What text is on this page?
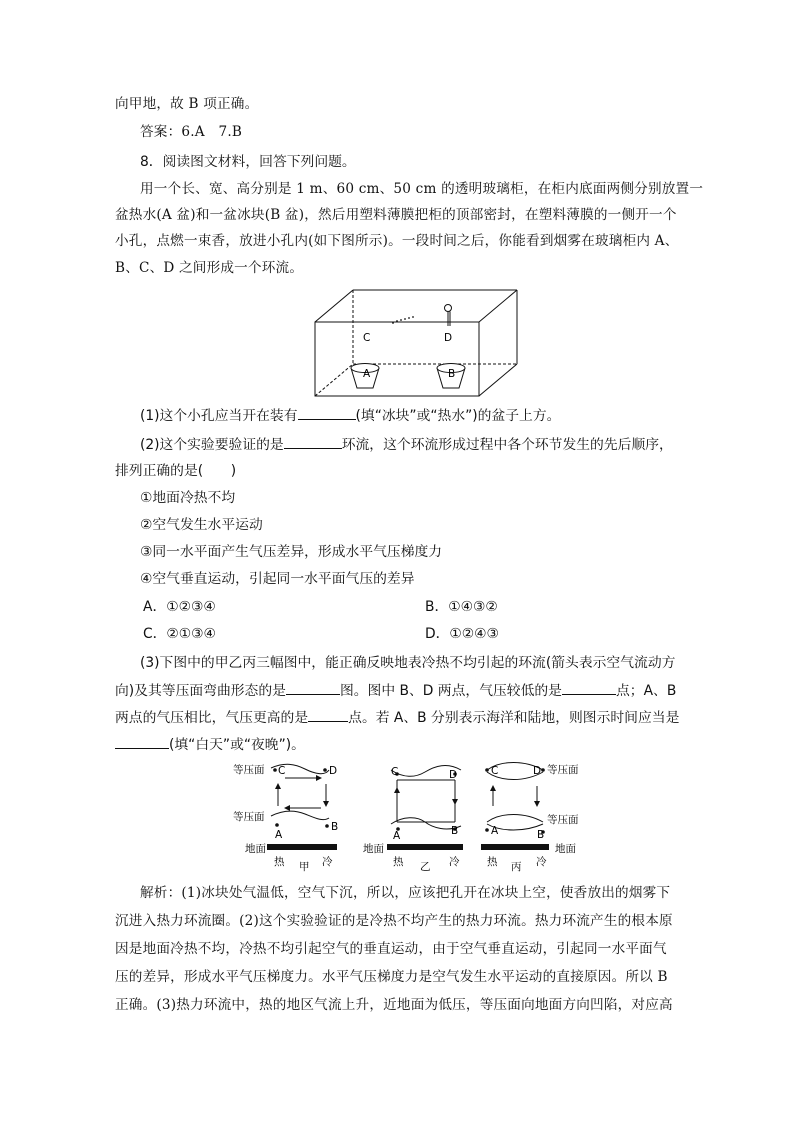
向甲地，故 B 项正确。
答案：6.A　7.B
8．阅读图文材料，回答下列问题。
用一个长、宽、高分别是 1 m、60 cm、50 cm 的透明玻璃柜，在柜内底面两侧分别放置一
盆热水(A 盆)和一盆冰块(B 盆)，然后用塑料薄膜把柜的顶部密封，在塑料薄膜的一侧开一个
小孔，点燃一束香，放进小孔内(如下图所示)。一段时间之后，你能看到烟雾在玻璃柜内 A、
B、C、D 之间形成一个环流。
A	B
C	D
(1)这个小孔应当开在装有	(填“冰块”或“热水”)的盆子上方。
(2)这个实验要验证的是	环流，这个环流形成过程中各个环节发生的先后顺序，
排列正确的是(　　)
①地面冷热不均
②空气发生水平运动
③同一水平面产生气压差异，形成水平气压梯度力
④空气垂直运动，引起同一水平面气压的差异
A．①②③④	B．①④③②
C．②①③④	D．①②④③
(3)下图中的甲乙丙三幅图中，能正确反映地表冷热不均引起的环流(箭头表示空气流动方
向)及其等压面弯曲形态的是	图。图中 B、D 两点，气压较低的是	点；A、B
两点的气压相比，气压更高的是	点。若 A、B 分别表示海洋和陆地，则图示时间应当是
(填“白天”或“夜晚”)。
等压面
等压面
地面
C	D
A
B
热 甲 冷
C	D
A	B
热 乙 冷
地面
C	D
A	B
等压面
等压面
地面
热 丙 冷
解析：(1)冰块处气温低，空气下沉，所以，应该把孔开在冰块上空，使香放出的烟雾下
沉进入热力环流圈。(2)这个实验验证的是冷热不均产生的热力环流。热力环流产生的根本原
因是地面冷热不均，冷热不均引起空气的垂直运动，由于空气垂直运动，引起同一水平面气
压的差异，形成水平气压梯度力。水平气压梯度力是空气发生水平运动的直接原因。所以 B
正确。(3)热力环流中，热的地区气流上升，近地面为低压，等压面向地面方向凹陷，对应高
